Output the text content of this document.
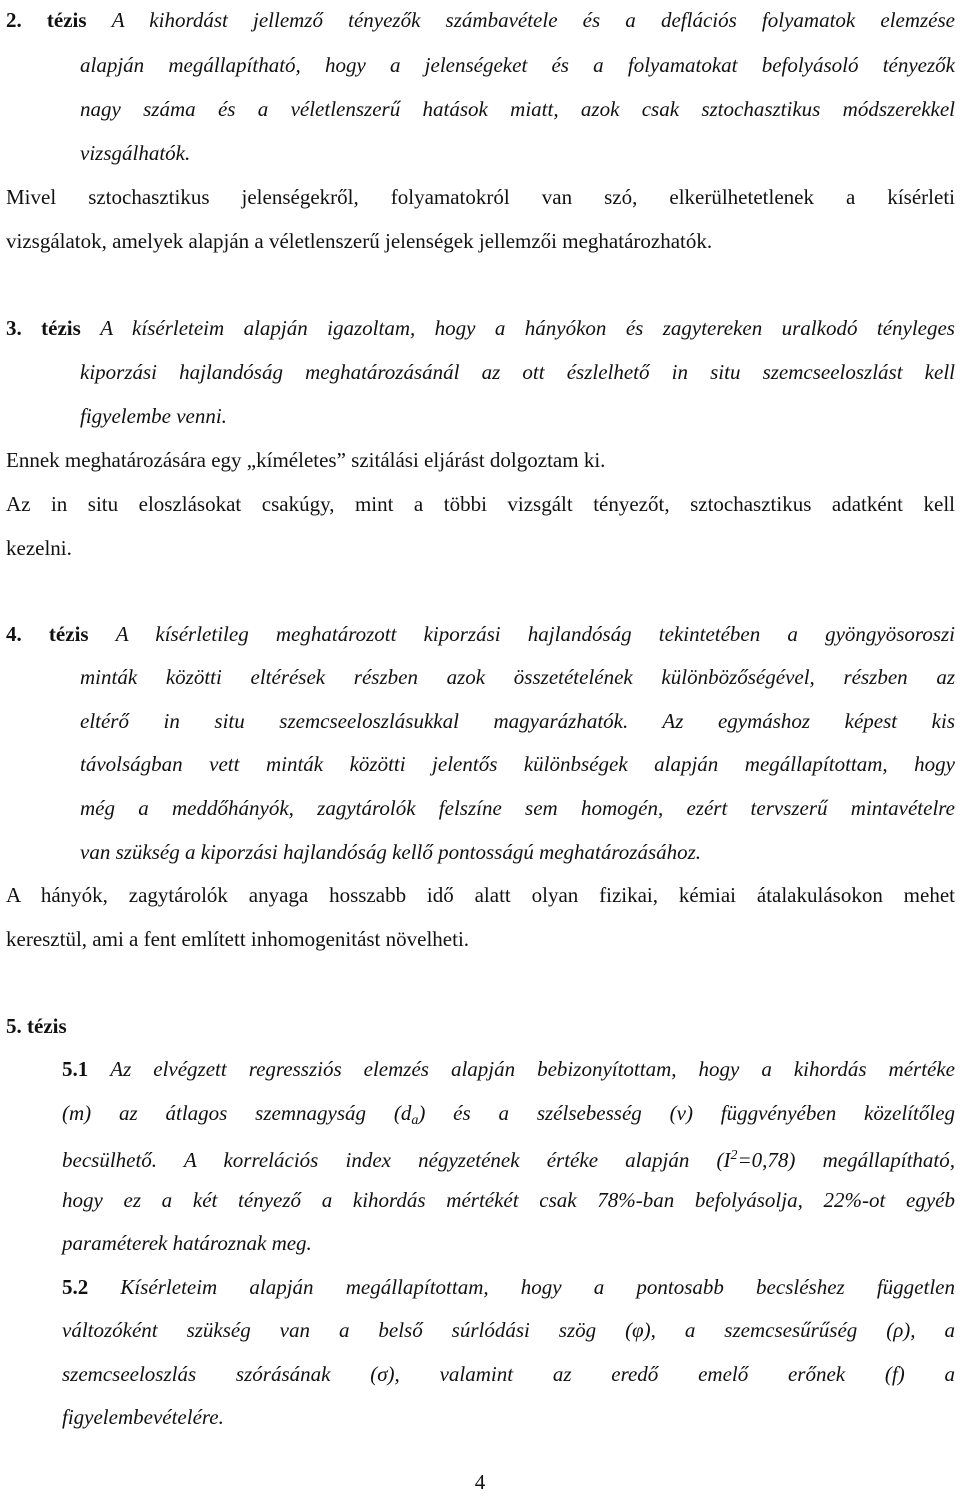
2. tézis A kihordást jellemző tényezők számbavétele és a deflációs folyamatok elemzése
alapján megállapítható, hogy a jelenségeket és a folyamatokat befolyásoló tényezők
nagy száma és a véletlenszerű hatások miatt, azok csak sztochasztikus módszerekkel
vizsgálhatók.
Mivel sztochasztikus jelenségekről, folyamatokról van szó, elkerülhetetlenek a kísérleti
vizsgálatok, amelyek alapján a véletlenszerű jelenségek jellemzői meghatározhatók.
3. tézis A kísérleteim alapján igazoltam, hogy a hányókon és zagytereken uralkodó tényleges
kiporzási hajlandóság meghatározásánál az ott észlelhető in situ szemcseeloszlást kell
figyelembe venni.
Ennek meghatározására egy „kíméletes” szitálási eljárást dolgoztam ki.
Az in situ eloszlásokat csakúgy, mint a többi vizsgált tényezőt, sztochasztikus adatként kell
kezelni.
4. tézis A kísérletileg meghatározott kiporzási hajlandóság tekintetében a gyöngyösoroszi
minták közötti eltérések részben azok összetételének különbözőségével, részben az
eltérő in situ szemcseeloszlásukkal magyarázhatók. Az egymáshoz képest kis
távolságban vett minták közötti jelentős különbségek alapján megállapítottam, hogy
még a meddőhányók, zagytárolók felszíne sem homogén, ezért tervszerű mintavételre
van szükség a kiporzási hajlandóság kellő pontosságú meghatározásához.
A hányók, zagytárolók anyaga hosszabb idő alatt olyan fizikai, kémiai átalakulásokon mehet
keresztül, ami a fent említett inhomogenitást növelheti.
5. tézis
5.1 Az elvégzett regressziós elemzés alapján bebizonyítottam, hogy a kihordás mértéke
(m) az átlagos szemnagyság $(d_a)$ és a szélsebesség (v) függvényében közelítőleg
becsülhető. A korrelációs index négyzetének értéke alapján $(I^2=0,78)$ megállapítható,
hogy ez a két tényező a kihordás mértékét csak 78%-ban befolyásolja, 22%-ot egyéb
paraméterek határoznak meg.
5.2 Kísérleteim alapján megállapítottam, hogy a pontosabb becsléshez független
változóként szükség van a belső súrlódási szög (φ), a szemcsesűrűség (ρ), a
szemcseeloszlás szórásának (σ), valamint az eredő emelő erőnek (f) a
figyelembevételére.
4
